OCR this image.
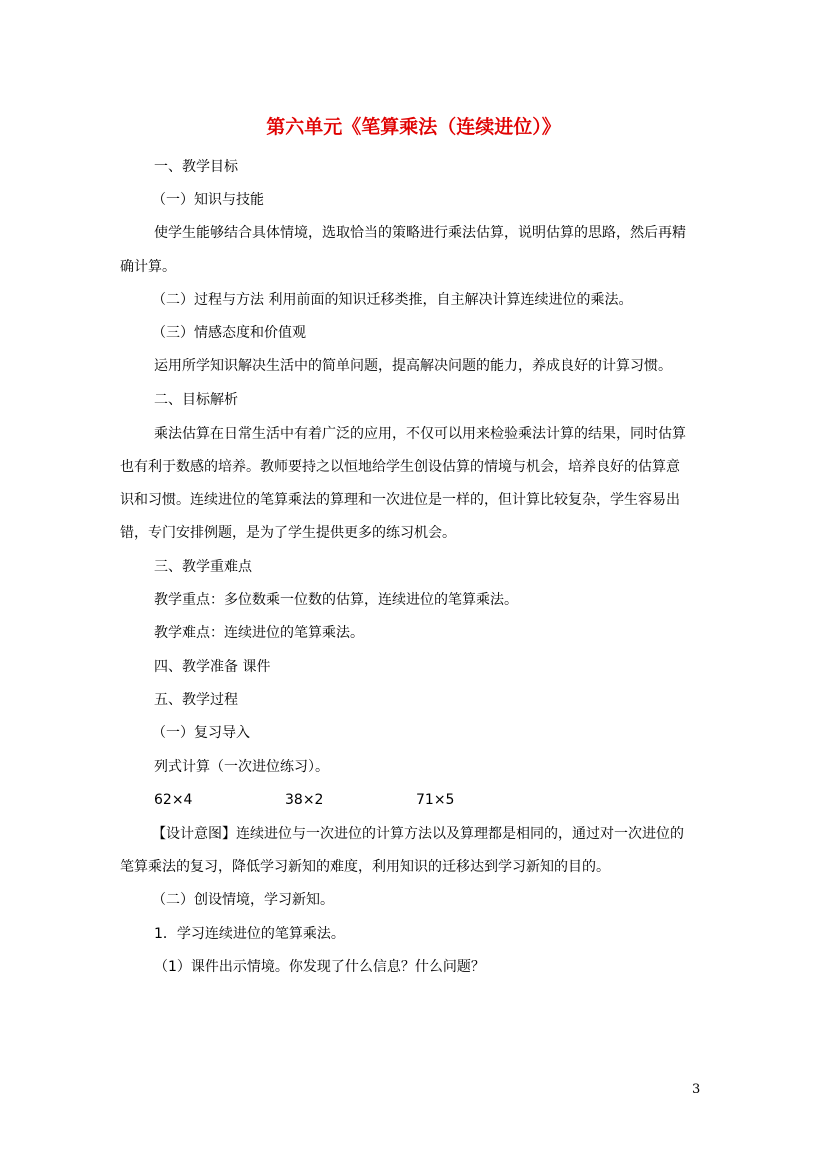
第六单元《笔算乘法（连续进位）》
一、教学目标
（一）知识与技能
使学生能够结合具体情境，选取恰当的策略进行乘法估算，说明估算的思路，然后再精
确计算。
（二）过程与方法 利用前面的知识迁移类推，自主解决计算连续进位的乘法。
（三）情感态度和价值观
运用所学知识解决生活中的简单问题，提高解决问题的能力，养成良好的计算习惯。
二、目标解析
乘法估算在日常生活中有着广泛的应用，不仅可以用来检验乘法计算的结果，同时估算
也有利于数感的培养。教师要持之以恒地给学生创设估算的情境与机会，培养良好的估算意
识和习惯。连续进位的笔算乘法的算理和一次进位是一样的，但计算比较复杂，学生容易出
错，专门安排例题，是为了学生提供更多的练习机会。
三、教学重难点
教学重点：多位数乘一位数的估算，连续进位的笔算乘法。
教学难点：连续进位的笔算乘法。
四、教学准备 课件
五、教学过程
（一）复习导入
列式计算（一次进位练习）。
62×4	38×2	71×5
【设计意图】连续进位与一次进位的计算方法以及算理都是相同的，通过对一次进位的
笔算乘法的复习，降低学习新知的难度，利用知识的迁移达到学习新知的目的。
（二）创设情境，学习新知。
1．学习连续进位的笔算乘法。
（1）课件出示情境。你发现了什么信息？什么问题？
3
